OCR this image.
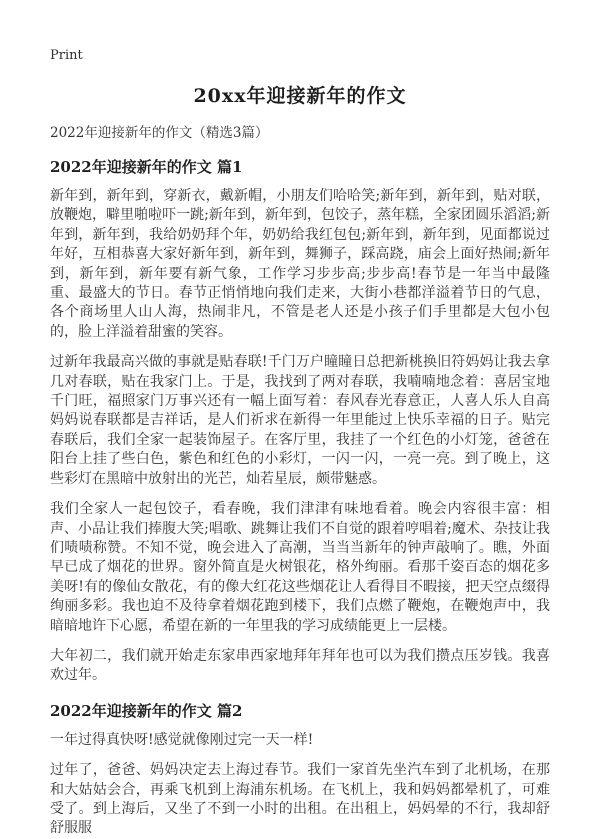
Print
20xx年迎接新年的作文

2022年迎接新年的作文（精选3篇）

2022年迎接新年的作文 篇1

新年到，新年到，穿新衣，戴新帽，小朋友们哈哈笑;新年到，新年到，贴对联，放鞭炮，噼里啪啦吓一跳;新年到，新年到，包饺子，蒸年糕，全家团圆乐滔滔;新年到，新年到，我给奶奶拜个年，奶奶给我红包包;新年到，新年到，见面都说过年好，互相恭喜大家好新年到，新年到，舞狮子，踩高跷，庙会上面好热闹;新年到，新年到，新年要有新气象，工作学习步步高;步步高!春节是一年当中最隆重、最盛大的节日。春节正悄悄地向我们走来，大街小巷都洋溢着节日的气息，各个商场里人山人海，热闹非凡，不管是老人还是小孩子们手里都是大包小包的，脸上洋溢着甜蜜的笑容。

过新年我最高兴做的事就是贴春联!千门万户瞳瞳日总把新桃换旧符妈妈让我去拿几对春联，贴在我家门上。于是，我找到了两对春联，我喃喃地念着：喜居宝地千门旺，福照家门万事兴还有一幅上面写着：春风春光春意正，人喜人乐人自高妈妈说春联都是吉祥话，是人们祈求在新得一年里能过上快乐幸福的日子。贴完春联后，我们全家一起装饰屋子。在客厅里，我挂了一个红色的小灯笼，爸爸在阳台上挂了些白色，紫色和红色的小彩灯，一闪一闪，一亮一亮。到了晚上，这些彩灯在黑暗中放射出的光芒，灿若星辰，颇带魅惑。

我们全家人一起包饺子，看春晚，我们津津有味地看着。晚会内容很丰富：相声、小品让我们捧腹大笑;唱歌、跳舞让我们不自觉的跟着哼唱着;魔术、杂技让我们啧啧称赞。不知不觉，晚会进入了高潮，当当当新年的钟声敲响了。瞧，外面早已成了烟花的世界。窗外简直是火树银花，格外绚丽。看那千姿百态的烟花多美呀!有的像仙女散花，有的像大红花这些烟花让人看得目不暇接，把天空点缀得绚丽多彩。我也迫不及待拿着烟花跑到楼下，我们点燃了鞭炮，在鞭炮声中，我暗暗地许下心愿，希望在新的一年里我的学习成绩能更上一层楼。

大年初二，我们就开始走东家串西家地拜年拜年也可以为我们攒点压岁钱。我喜欢过年。

2022年迎接新年的作文 篇2

一年过得真快呀!感觉就像刚过完一天一样!

过年了，爸爸、妈妈决定去上海过春节。我们一家首先坐汽车到了北机场，在那和大姑姑会合，再乘飞机到上海浦东机场。在飞机上，我和妈妈都晕机了，可难受了。到上海后，又坐了不到一小时的出租。在出租上，妈妈晕的不行，我却舒舒服服
